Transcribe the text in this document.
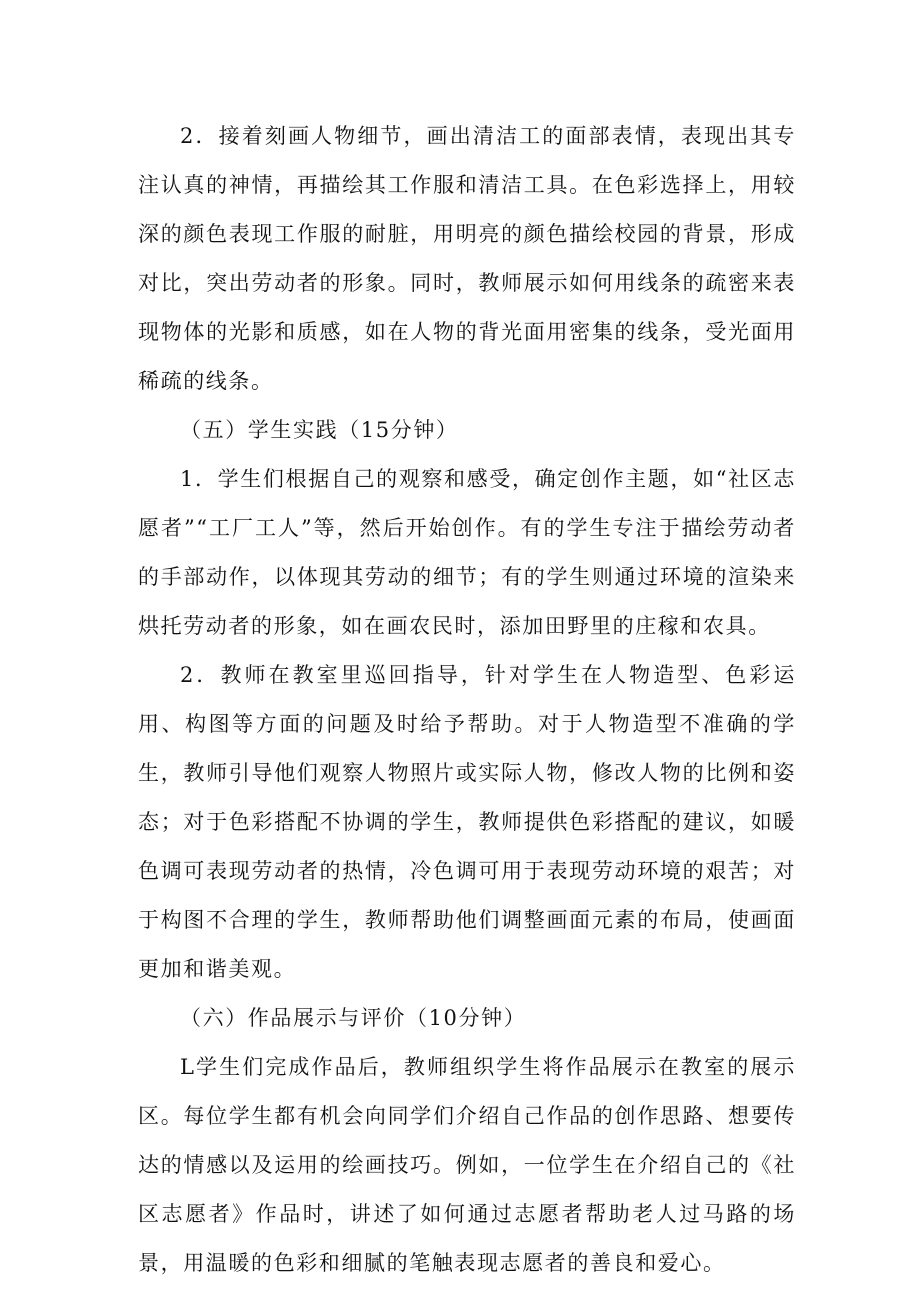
2．接着刻画人物细节，画出清洁工的面部表情，表现出其专注认真的神情，再描绘其工作服和清洁工具。在色彩选择上，用较深的颜色表现工作服的耐脏，用明亮的颜色描绘校园的背景，形成对比，突出劳动者的形象。同时，教师展示如何用线条的疏密来表现物体的光影和质感，如在人物的背光面用密集的线条，受光面用稀疏的线条。

（五）学生实践（15分钟）

1．学生们根据自己的观察和感受，确定创作主题，如“社区志愿者”“工厂工人”等，然后开始创作。有的学生专注于描绘劳动者的手部动作，以体现其劳动的细节；有的学生则通过环境的渲染来烘托劳动者的形象，如在画农民时，添加田野里的庄稼和农具。

2．教师在教室里巡回指导，针对学生在人物造型、色彩运用、构图等方面的问题及时给予帮助。对于人物造型不准确的学生，教师引导他们观察人物照片或实际人物，修改人物的比例和姿态；对于色彩搭配不协调的学生，教师提供色彩搭配的建议，如暖色调可表现劳动者的热情，冷色调可用于表现劳动环境的艰苦；对于构图不合理的学生，教师帮助他们调整画面元素的布局，使画面更加和谐美观。

（六）作品展示与评价（10分钟）

L学生们完成作品后，教师组织学生将作品展示在教室的展示区。每位学生都有机会向同学们介绍自己作品的创作思路、想要传达的情感以及运用的绘画技巧。例如，一位学生在介绍自己的《社区志愿者》作品时，讲述了如何通过志愿者帮助老人过马路的场景，用温暖的色彩和细腻的笔触表现志愿者的善良和爱心。
